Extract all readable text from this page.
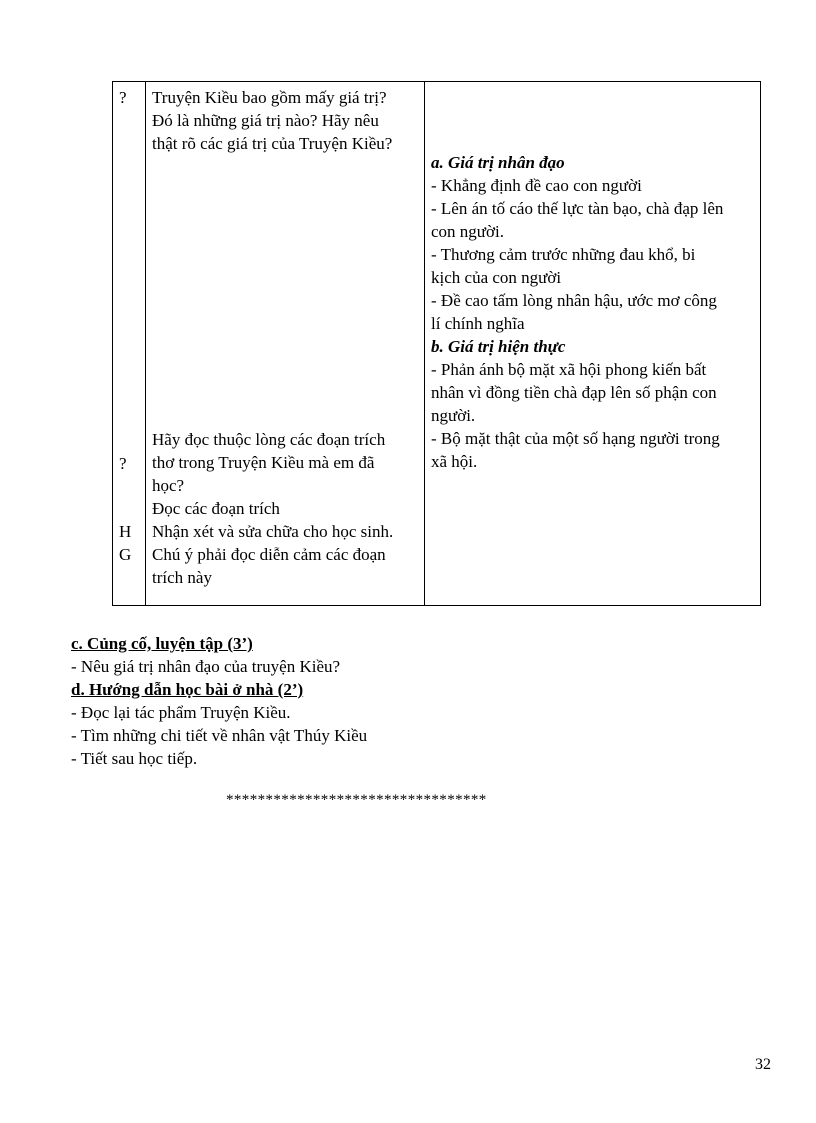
?
?
H
G
Truyện Kiều bao gồm mấy giá trị?
Đó là những giá trị nào? Hãy nêu
thật rõ các giá trị của Truyện Kiều?
Hãy đọc thuộc lòng các đoạn trích
thơ trong Truyện Kiều mà em đã
học?
Đọc các đoạn trích
Nhận xét và sửa chữa cho học sinh.
Chú ý phải đọc diễn cảm các đoạn
trích này
a. Giá trị nhân đạo
- Khẳng định đề cao con người
- Lên án tố cáo thế lực tàn bạo, chà đạp lên
con người.
- Thương cảm trước những đau khổ, bi
kịch của con người
- Đề cao tấm lòng nhân hậu, ước mơ công
lí chính nghĩa
b. Giá trị hiện thực
- Phản ánh bộ mặt xã hội phong kiến bất
nhân vì đồng tiền chà đạp lên số phận con
người.
- Bộ mặt thật của một số hạng người trong
xã hội.
c. Củng cố, luyện tập (3’)
- Nêu giá trị nhân đạo của truyện Kiều?
d. Hướng dẫn học bài ở nhà (2’)
- Đọc lại tác phẩm Truyện Kiều.
- Tìm những chi tiết về nhân vật Thúy Kiều
- Tiết sau học tiếp.
*********************************
32
